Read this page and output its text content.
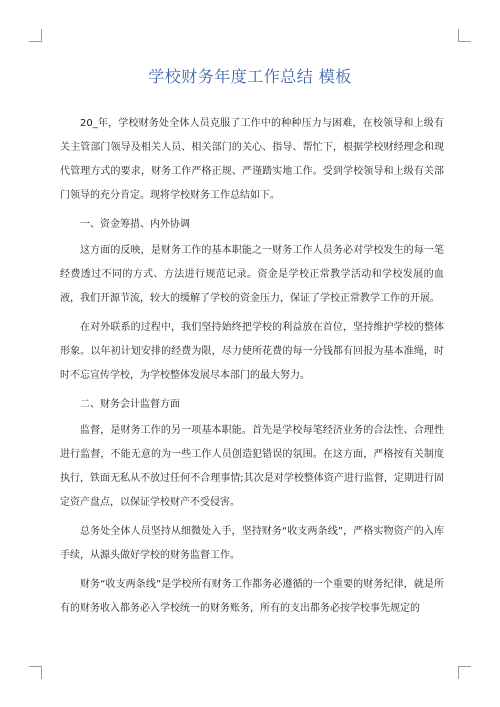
学校财务年度工作总结 模板

20_年，学校财务处全体人员克服了工作中的种种压力与困难，在校领导和上级有关主管部门领导及相关人员、相关部门的关心、指导、帮忙下，根据学校财经理念和现代管理方式的要求，财务工作严格正规、严谨踏实地工作。受到学校领导和上级有关部门领导的充分肯定。现将学校财务工作总结如下。

一、资金筹措、内外协调

这方面的反映，是财务工作的基本职能之一财务工作人员务必对学校发生的每一笔经费透过不同的方式、方法进行规范记录。资金是学校正常教学活动和学校发展的血液，我们开源节流，较大的缓解了学校的资金压力，保证了学校正常教学工作的开展。

在对外联系的过程中，我们坚持始终把学校的利益放在首位，坚持维护学校的整体形象。以年初计划安排的经费为限，尽力使所花费的每一分钱都有回报为基本准绳，时时不忘宣传学校，为学校整体发展尽本部门的最大努力。

二、财务会计监督方面

监督，是财务工作的另一项基本职能。首先是学校每笔经济业务的合法性、合理性进行监督，不能无意的为一些工作人员创造犯错误的氛围。在这方面，严格按有关制度执行，铁面无私从不放过任何不合理事情;其次是对学校整体资产进行监督，定期进行固定资产盘点，以保证学校财产不受侵害。

总务处全体人员坚持从细微处入手，坚持财务“收支两条线”，严格实物资产的入库手续，从源头做好学校的财务监督工作。

财务“收支两条线”是学校所有财务工作都务必遵循的一个重要的财务纪律，就是所有的财务收入都务必入学校统一的财务账务，所有的支出都务必按学校事先规定的
